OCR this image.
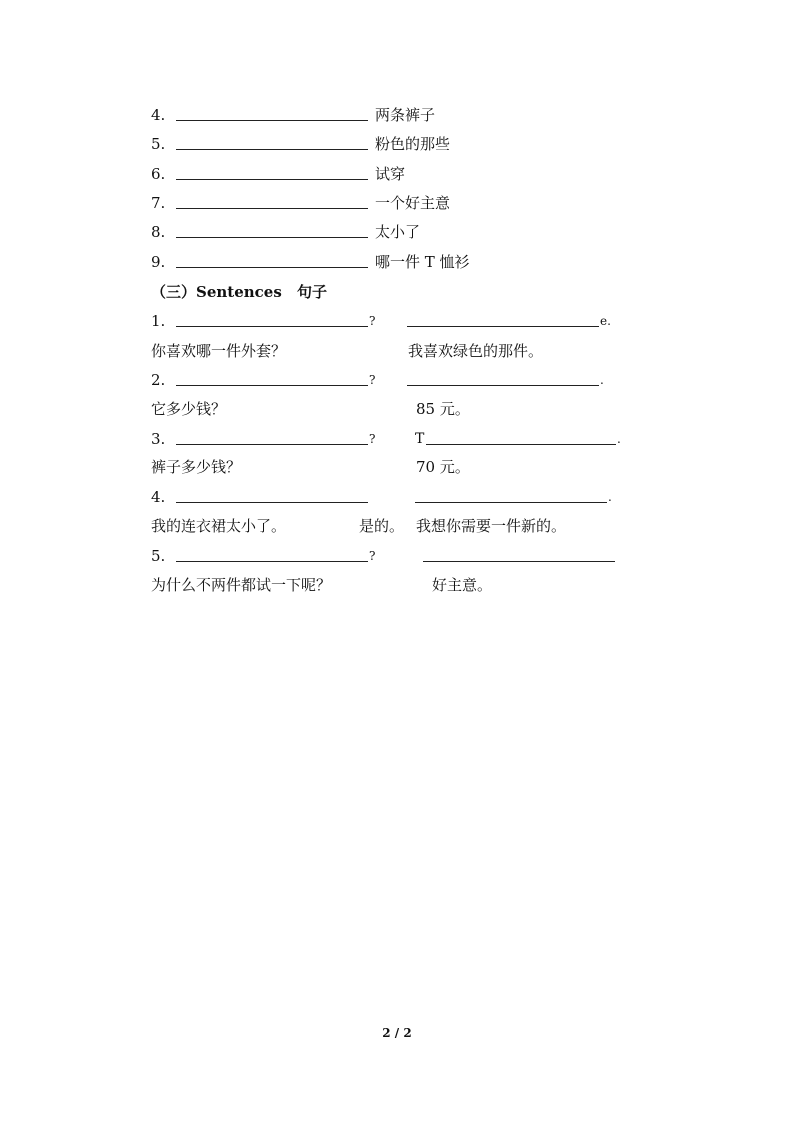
4.	两条裤子
5.	粉色的那些
6.	试穿
7.	一个好主意
8.	太小了
9.	哪一件 T 恤衫
（三）Sentences 句子
1.	?	e.
你喜欢哪一件外套？	我喜欢绿色的那件。
2.	?	.
它多少钱？	85 元。
3.	?	T	.
裤子多少钱？	70 元。
4.	.
我的连衣裙太小了。	是的。 我想你需要一件新的。
5.	?
为什么不两件都试一下呢？	好主意。
2 / 2
